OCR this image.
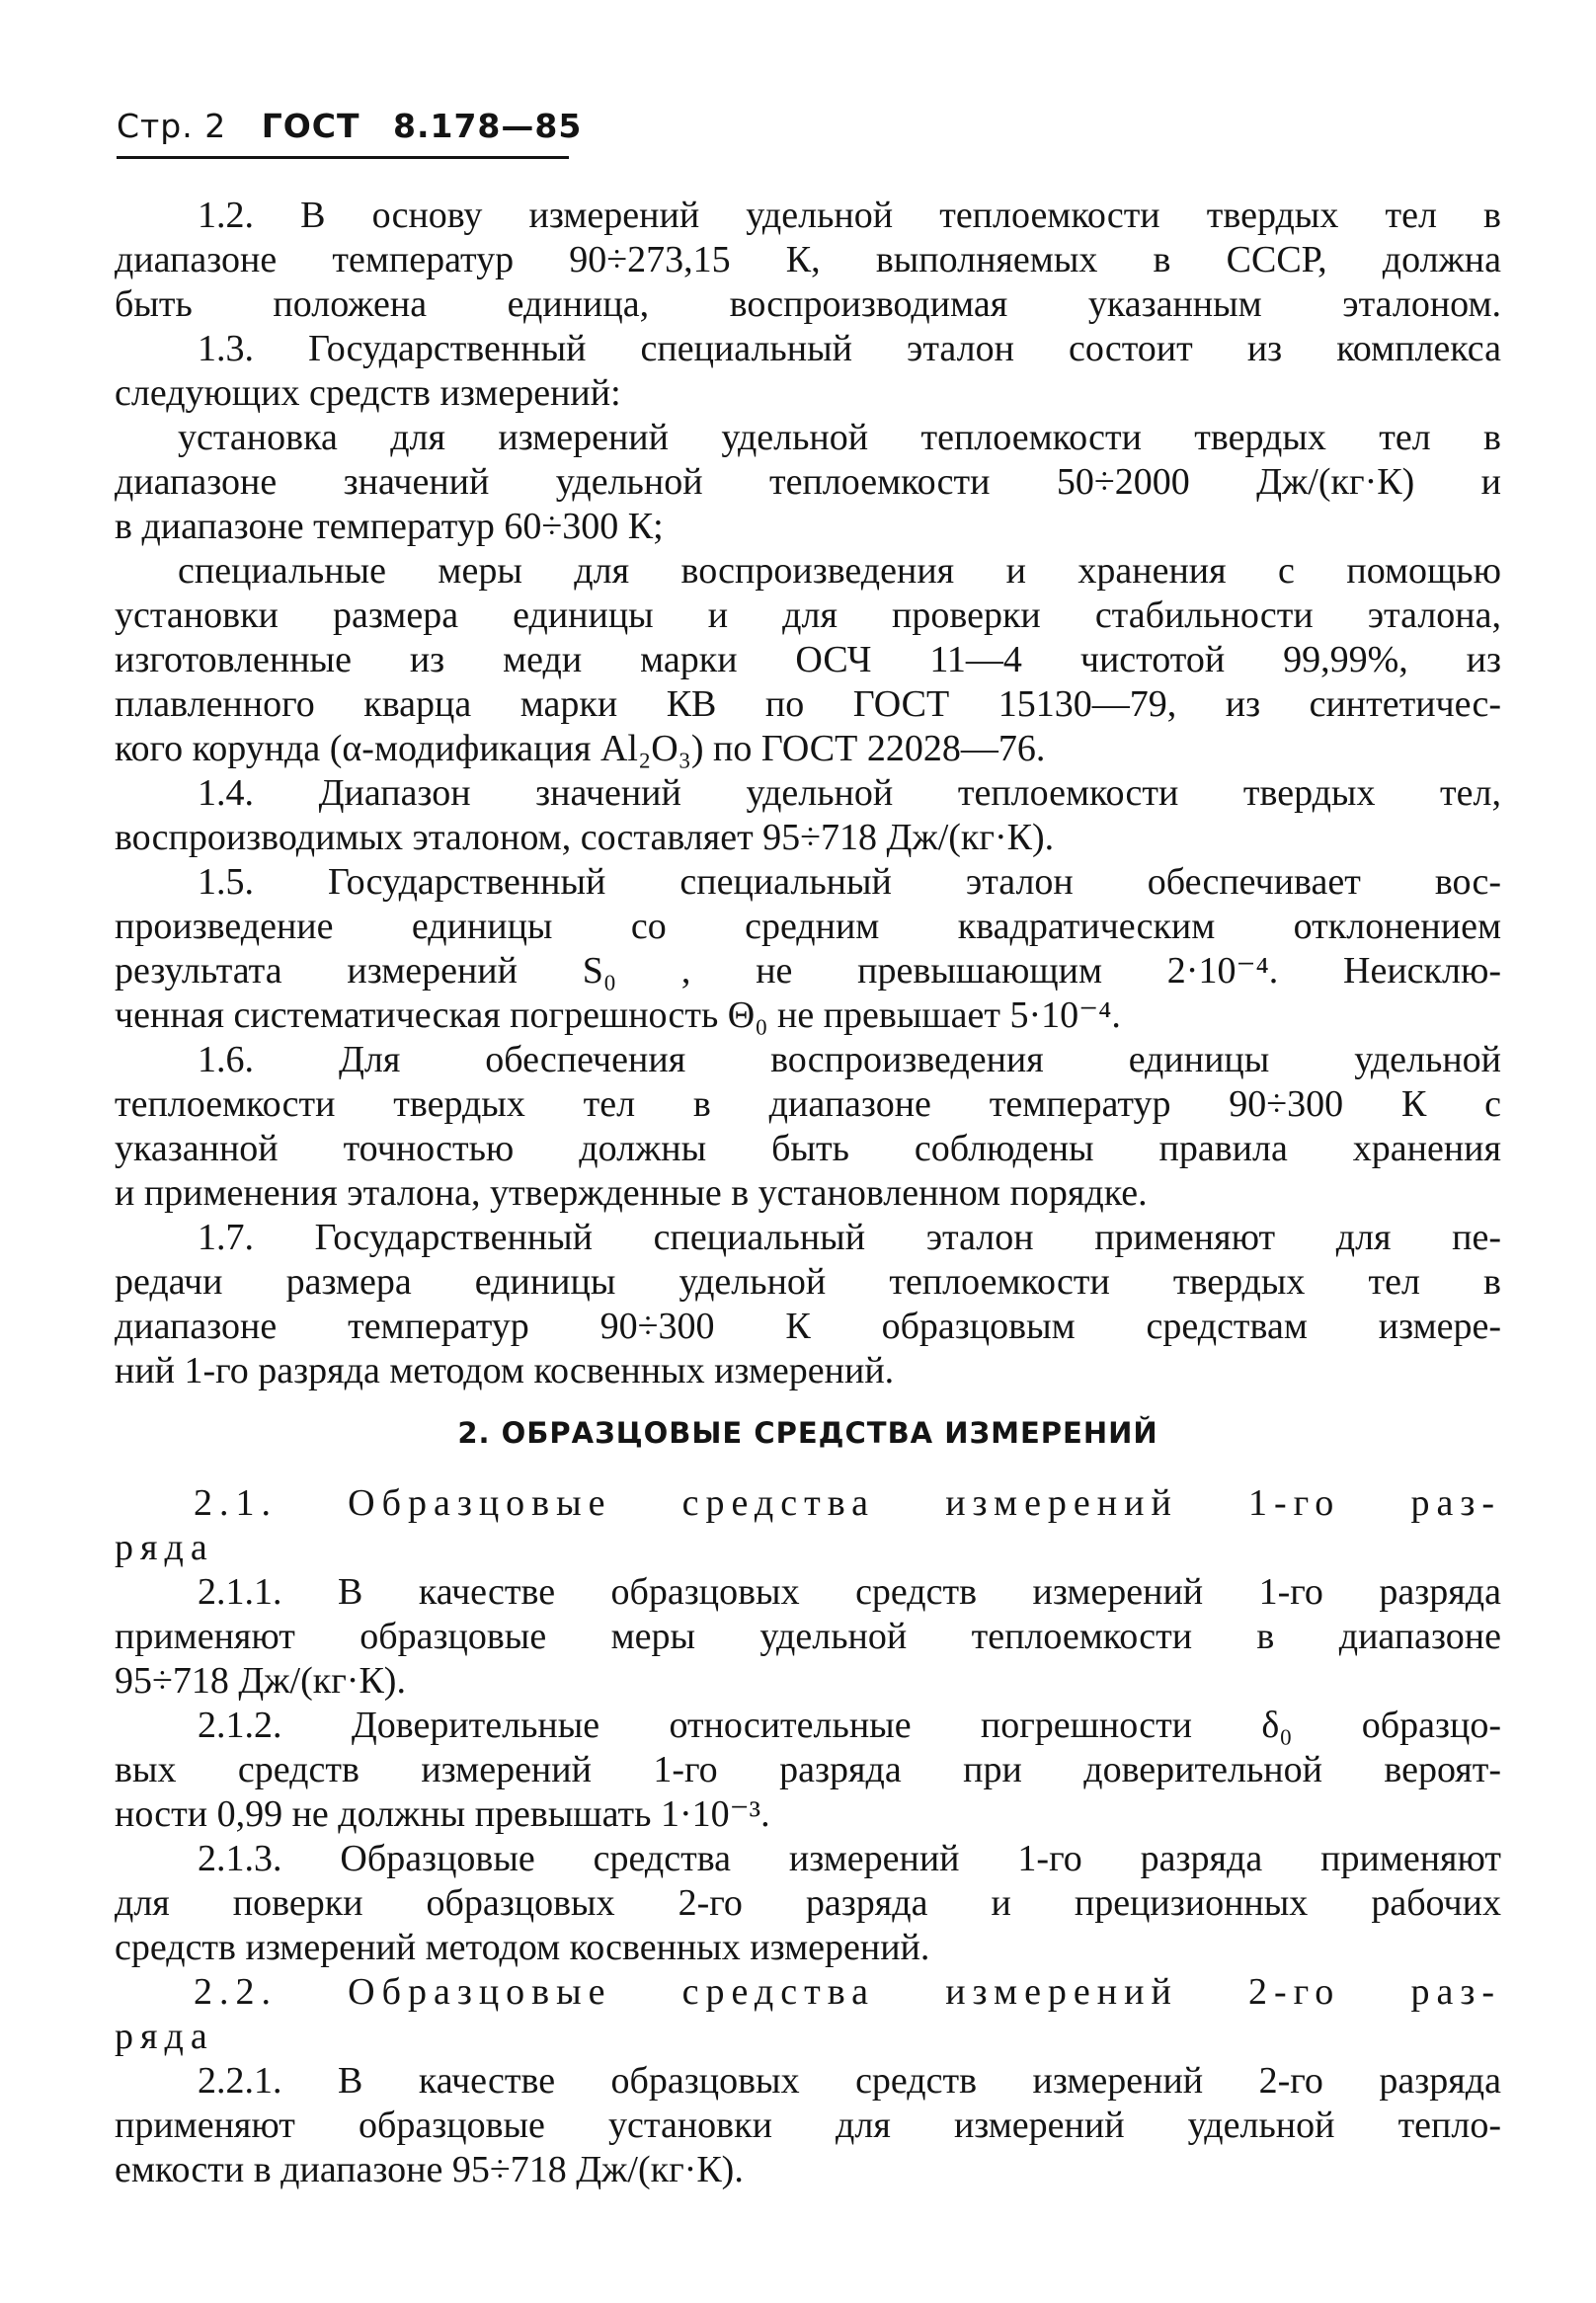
Стр. 2 ГОСТ 8.178—85
1.2. В основу измерений удельной теплоемкости твердых тел в
диапазоне температур 90÷273,15 К, выполняемых в СССР, должна
быть положена единица, воспроизводимая указанным эталоном.
1.3. Государственный специальный эталон состоит из комплекса
следующих средств измерений:
установка для измерений удельной теплоемкости твердых тел в
диапазоне значений удельной теплоемкости 50÷2000 Дж/(кг·К) и
в диапазоне температур 60÷300 К;
специальные меры для воспроизведения и хранения с помощью
установки размера единицы и для проверки стабильности эталона,
изготовленные из меди марки ОСЧ 11—4 чистотой 99,99%, из
плавленного кварца марки КВ по ГОСТ 15130—79, из синтетичес-
кого корунда (α-модификация Al₂O₃) по ГОСТ 22028—76.
1.4. Диапазон значений удельной теплоемкости твердых тел,
воспроизводимых эталоном, составляет 95÷718 Дж/(кг·К).
1.5. Государственный специальный эталон обеспечивает вос-
произведение единицы со средним квадратическим отклонением
результата измерений S₀ , не превышающим 2·10⁻⁴. Неисклю-
ченная систематическая погрешность Θ₀ не превышает 5·10⁻⁴.
1.6. Для обеспечения воспроизведения единицы удельной
теплоемкости твердых тел в диапазоне температур 90÷300 К с
указанной точностью должны быть соблюдены правила хранения
и применения эталона, утвержденные в установленном порядке.
1.7. Государственный специальный эталон применяют для пе-
редачи размера единицы удельной теплоемкости твердых тел в
диапазоне температур 90÷300 К образцовым средствам измере-
ний 1-го разряда методом косвенных измерений.
2. ОБРАЗЦОВЫЕ СРЕДСТВА ИЗМЕРЕНИЙ
2.1. Образцовые средства измерений 1-го раз-
ряда
2.1.1. В качестве образцовых средств измерений 1-го разряда
применяют образцовые меры удельной теплоемкости в диапазоне
95÷718 Дж/(кг·К).
2.1.2. Доверительные относительные погрешности δ₀ образцо-
вых средств измерений 1-го разряда при доверительной вероят-
ности 0,99 не должны превышать 1·10⁻³.
2.1.3. Образцовые средства измерений 1-го разряда применяют
для поверки образцовых 2-го разряда и прецизионных рабочих
средств измерений методом косвенных измерений.
2.2. Образцовые средства измерений 2-го раз-
ряда
2.2.1. В качестве образцовых средств измерений 2-го разряда
применяют образцовые установки для измерений удельной тепло-
емкости в диапазоне 95÷718 Дж/(кг·К).
